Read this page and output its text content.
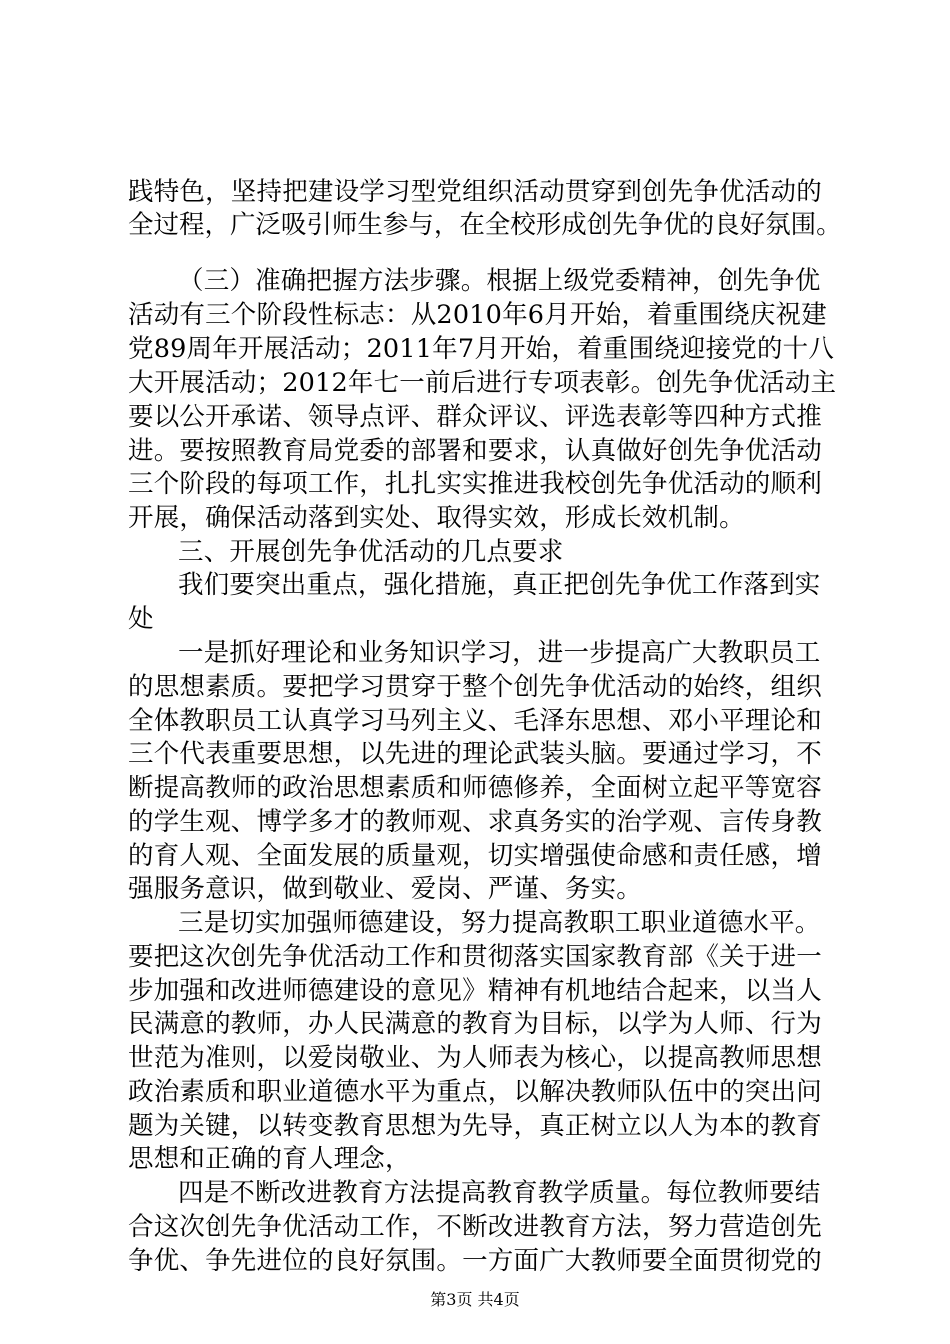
践特色，坚持把建设学习型党组织活动贯穿到创先争优活动的
全过程，广泛吸引师生参与，在全校形成创先争优的良好氛围。
（三）准确把握方法步骤。根据上级党委精神，创先争优
活动有三个阶段性标志：从2010年6月开始，着重围绕庆祝建
党89周年开展活动；2011年7月开始，着重围绕迎接党的十八
大开展活动；2012年七一前后进行专项表彰。创先争优活动主
要以公开承诺、领导点评、群众评议、评选表彰等四种方式推
进。要按照教育局党委的部署和要求，认真做好创先争优活动
三个阶段的每项工作，扎扎实实推进我校创先争优活动的顺利
开展，确保活动落到实处、取得实效，形成长效机制。
三、开展创先争优活动的几点要求
我们要突出重点，强化措施，真正把创先争优工作落到实
处
一是抓好理论和业务知识学习，进一步提高广大教职员工
的思想素质。要把学习贯穿于整个创先争优活动的始终，组织
全体教职员工认真学习马列主义、毛泽东思想、邓小平理论和
三个代表重要思想，以先进的理论武装头脑。要通过学习，不
断提高教师的政治思想素质和师德修养，全面树立起平等宽容
的学生观、博学多才的教师观、求真务实的治学观、言传身教
的育人观、全面发展的质量观，切实增强使命感和责任感，增
强服务意识，做到敬业、爱岗、严谨、务实。
三是切实加强师德建设，努力提高教职工职业道德水平。
要把这次创先争优活动工作和贯彻落实国家教育部《关于进一
步加强和改进师德建设的意见》精神有机地结合起来，以当人
民满意的教师，办人民满意的教育为目标，以学为人师、行为
世范为准则，以爱岗敬业、为人师表为核心，以提高教师思想
政治素质和职业道德水平为重点，以解决教师队伍中的突出问
题为关键，以转变教育思想为先导，真正树立以人为本的教育
思想和正确的育人理念，
四是不断改进教育方法提高教育教学质量。每位教师要结
合这次创先争优活动工作，不断改进教育方法，努力营造创先
争优、争先进位的良好氛围。一方面广大教师要全面贯彻党的
第3页 共4页
